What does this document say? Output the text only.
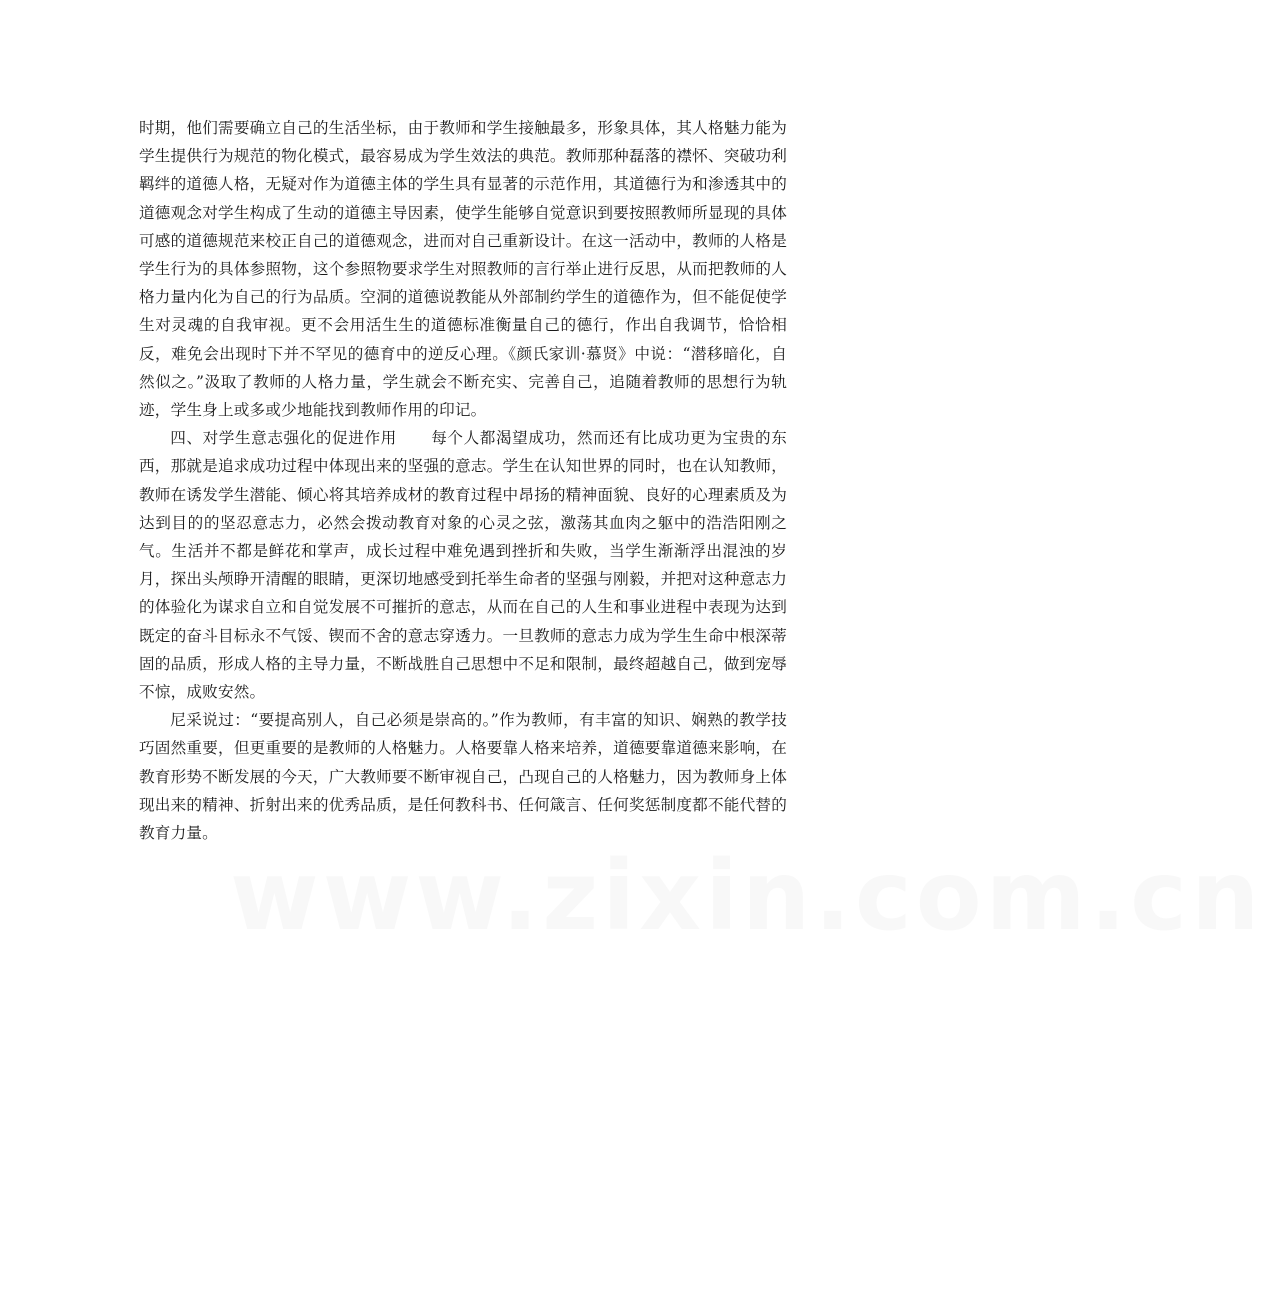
时期，他们需要确立自己的生活坐标，由于教师和学生接触最多，形象具体，其人格魅力能为学生提供行为规范的物化模式，最容易成为学生效法的典范。教师那种磊落的襟怀、突破功利羁绊的道德人格，无疑对作为道德主体的学生具有显著的示范作用，其道德行为和渗透其中的道德观念对学生构成了生动的道德主导因素，使学生能够自觉意识到要按照教师所显现的具体可感的道德规范来校正自己的道德观念，进而对自己重新设计。在这一活动中，教师的人格是学生行为的具体参照物，这个参照物要求学生对照教师的言行举止进行反思，从而把教师的人格力量内化为自己的行为品质。空洞的道德说教能从外部制约学生的道德作为，但不能促使学生对灵魂的自我审视。更不会用活生生的道德标准衡量自己的德行，作出自我调节，恰恰相反，难免会出现时下并不罕见的德育中的逆反心理。《颜氏家训·慕贤》中说：“潜移暗化，自然似之。”汲取了教师的人格力量，学生就会不断充实、完善自己，追随着教师的思想行为轨迹，学生身上或多或少地能找到教师作用的印记。

四、对学生意志强化的促进作用 每个人都渴望成功，然而还有比成功更为宝贵的东西，那就是追求成功过程中体现出来的坚强的意志。学生在认知世界的同时，也在认知教师，教师在诱发学生潜能、倾心将其培养成材的教育过程中昂扬的精神面貌、良好的心理素质及为达到目的的坚忍意志力，必然会拨动教育对象的心灵之弦，激荡其血肉之躯中的浩浩阳刚之气。生活并不都是鲜花和掌声，成长过程中难免遇到挫折和失败，当学生渐渐浮出混浊的岁月，探出头颅睁开清醒的眼睛，更深切地感受到托举生命者的坚强与刚毅，并把对这种意志力的体验化为谋求自立和自觉发展不可摧折的意志，从而在自己的人生和事业进程中表现为达到既定的奋斗目标永不气馁、锲而不舍的意志穿透力。一旦教师的意志力成为学生生命中根深蒂固的品质，形成人格的主导力量，不断战胜自己思想中不足和限制，最终超越自己，做到宠辱不惊，成败安然。

尼采说过：“要提高别人，自己必须是崇高的。”作为教师，有丰富的知识、娴熟的教学技巧固然重要，但更重要的是教师的人格魅力。人格要靠人格来培养，道德要靠道德来影响，在教育形势不断发展的今天，广大教师要不断审视自己，凸现自己的人格魅力，因为教师身上体现出来的精神、折射出来的优秀品质，是任何教科书、任何箴言、任何奖惩制度都不能代替的教育力量。

www.zixin.com.cn
